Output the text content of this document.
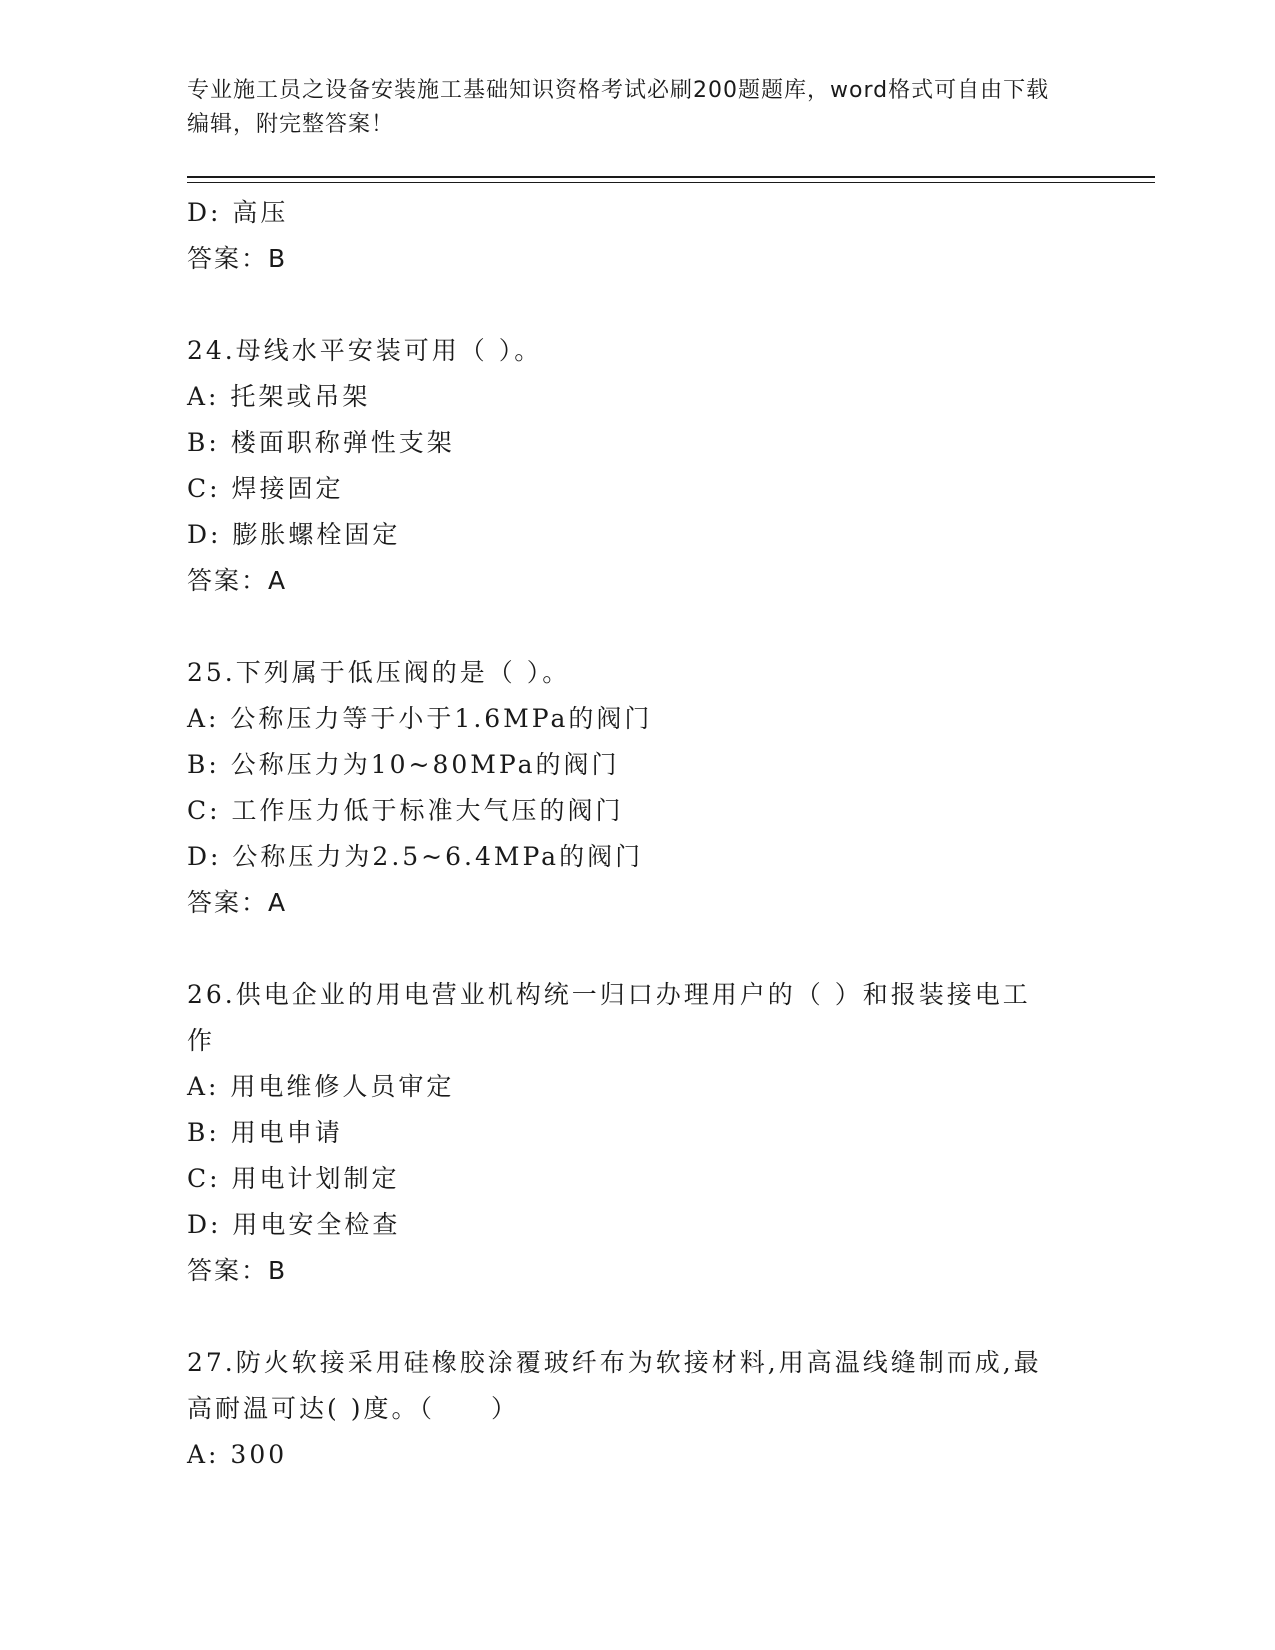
专业施工员之设备安装施工基础知识资格考试必刷200题题库，word格式可自由下载编辑，附完整答案！
D: 高压
答案：B
24.母线水平安装可用（ ）。
A: 托架或吊架
B: 楼面职称弹性支架
C: 焊接固定
D: 膨胀螺栓固定
答案：A
25.下列属于低压阀的是（ ）。
A: 公称压力等于小于1.6MPa的阀门
B: 公称压力为10~80MPa的阀门
C: 工作压力低于标准大气压的阀门
D: 公称压力为2.5~6.4MPa的阀门
答案：A
26.供电企业的用电营业机构统一归口办理用户的（ ）和报装接电工作
A: 用电维修人员审定
B: 用电申请
C: 用电计划制定
D: 用电安全检查
答案：B
27.防火软接采用硅橡胶涂覆玻纤布为软接材料,用高温线缝制而成,最高耐温可达( )度。（　　）
A: 300
